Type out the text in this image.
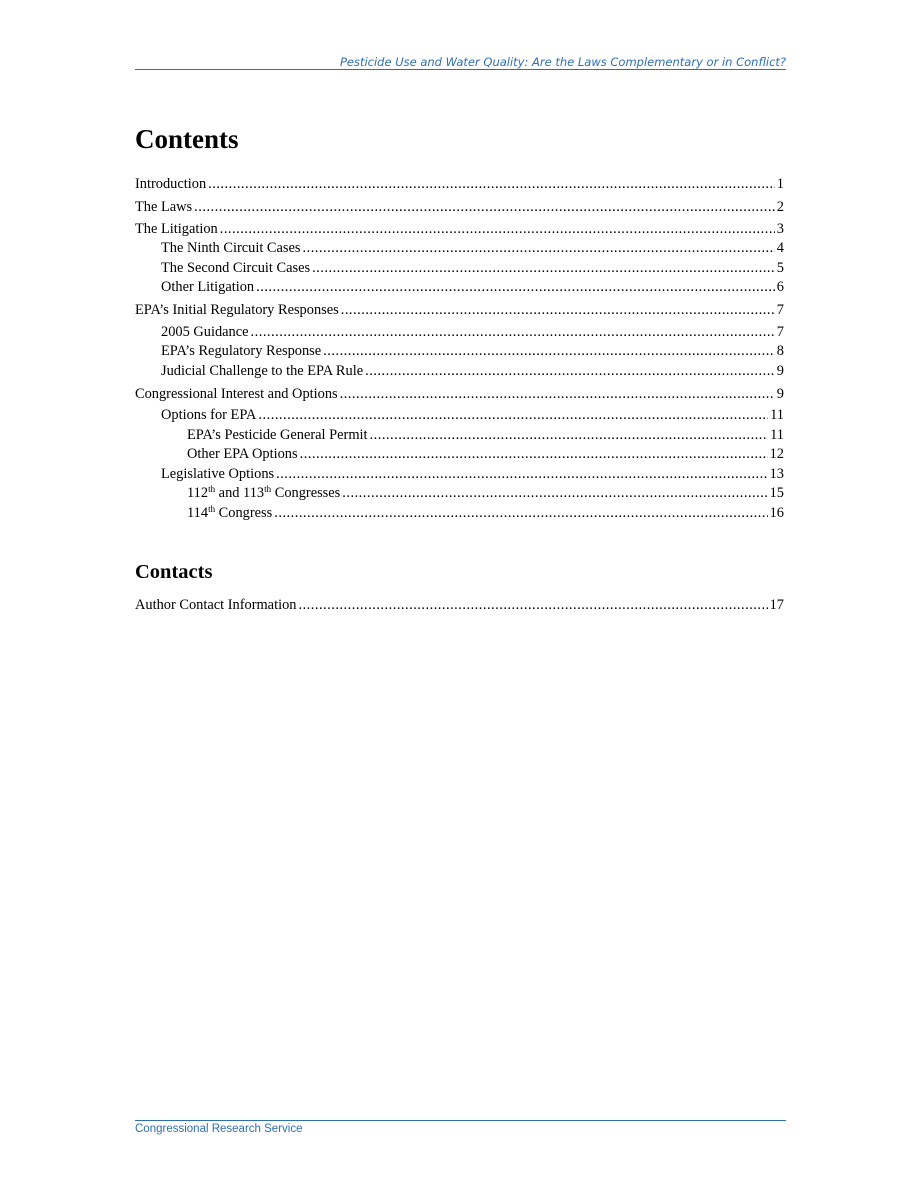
Pesticide Use and Water Quality: Are the Laws Complementary or in Conflict?
Contents
Introduction .....	1
The Laws .....	2
The Litigation .....	3
The Ninth Circuit Cases .....	4
The Second Circuit Cases .....	5
Other Litigation .....	6
EPA’s Initial Regulatory Responses .....	7
2005 Guidance .....	7
EPA’s Regulatory Response .....	8
Judicial Challenge to the EPA Rule .....	9
Congressional Interest and Options .....	9
Options for EPA .....	11
EPA’s Pesticide General Permit .....	11
Other EPA Options .....	12
Legislative Options .....	13
112th and 113th Congresses .....	15
114th Congress .....	16
Contacts
Author Contact Information .....	17
Congressional Research Service
